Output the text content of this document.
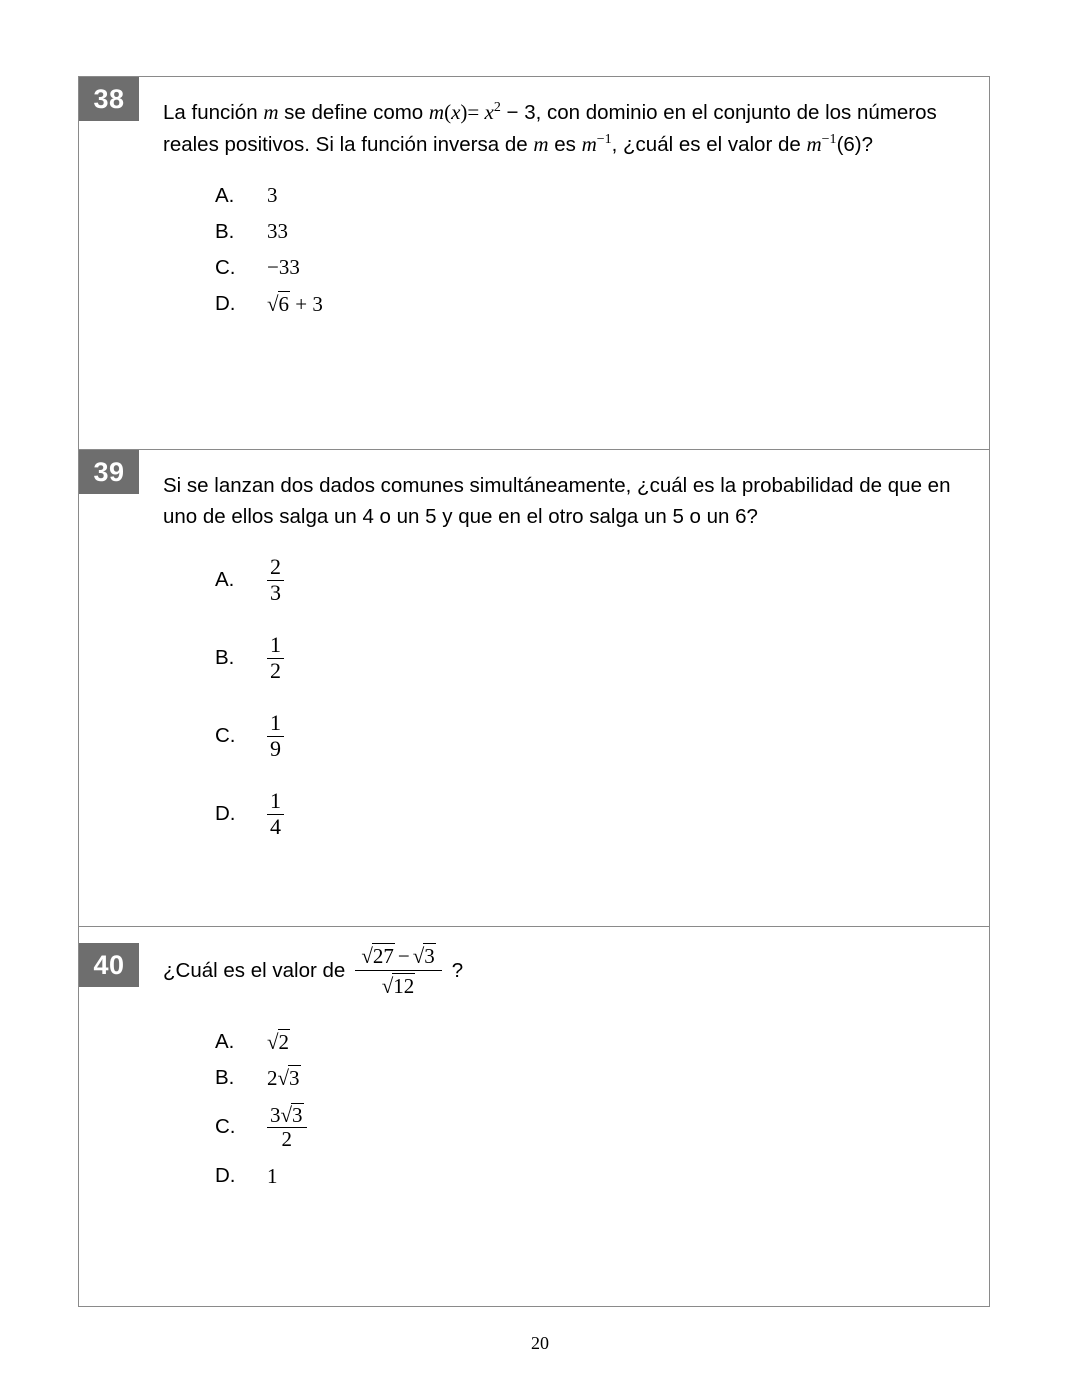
38	La función m se define como $m(x)= x^2 - 3$, con dominio en el conjunto de los números reales positivos. Si la función inversa de m es $m^{-1}$, ¿cuál es el valor de $m^{-1}(6)$?
A.	3
B.	33
C.	−33
D.	√6 + 3
39	Si se lanzan dos dados comunes simultáneamente, ¿cuál es la probabilidad de que en uno de ellos salga un 4 o un 5 y que en el otro salga un 5 o un 6?
A.	$\frac{2}{3}$
B.	$\frac{1}{2}$
C.	$\frac{1}{9}$
D.	$\frac{1}{4}$
40	¿Cuál es el valor de $\frac{√27 - √3}{√12}$ ?
A.	√2
B.	2√3
C.	$\frac{3√3}{2}$
D.	1
20
